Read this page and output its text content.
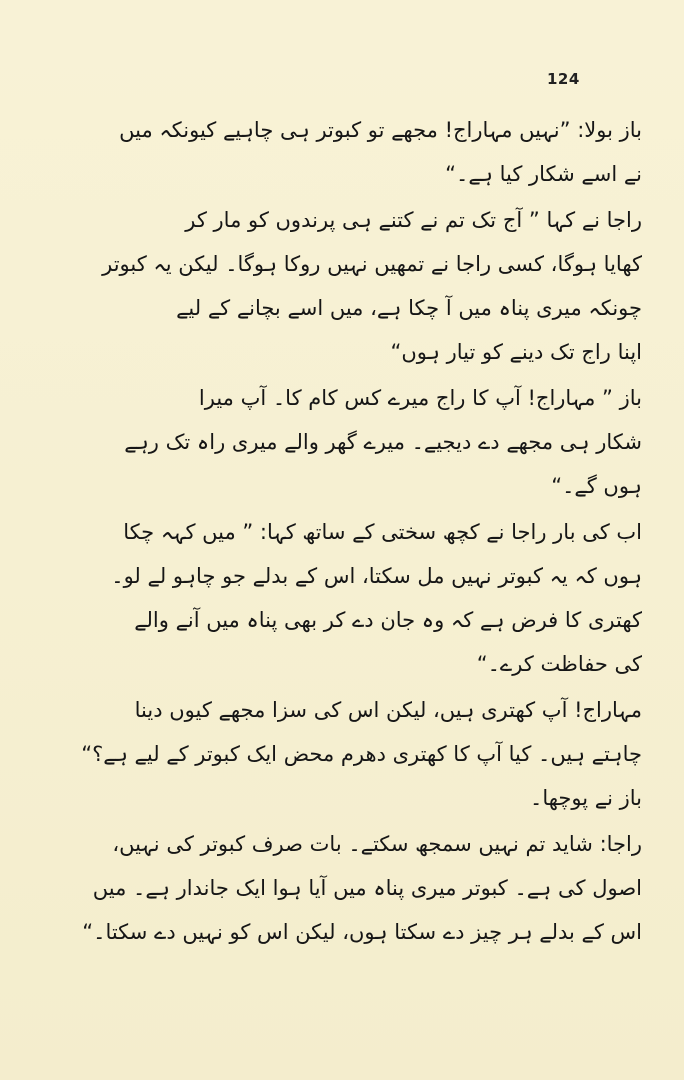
124
باز بولا: ”نہیں مہاراج! مجھے تو کبوتر ہی چاہیے کیونکہ میں
نے اسے شکار کیا ہے۔“
راجا نے کہا ” آج تک تم نے کتنے ہی پرندوں کو مار کر
کھایا ہوگا، کسی راجا نے تمھیں نہیں روکا ہوگا۔ لیکن یہ کبوتر
چونکہ میری پناہ میں آ چکا ہے، میں اسے بچانے کے لیے
اپنا راج تک دینے کو تیار ہوں“
باز ” مہاراج! آپ کا راج میرے کس کام کا۔ آپ میرا
شکار ہی مجھے دے دیجیے۔ میرے گھر والے میری راہ تک رہے
ہوں گے۔“
اب کی بار راجا نے کچھ سختی کے ساتھ کہا: ” میں کہہ چکا
ہوں کہ یہ کبوتر نہیں مل سکتا، اس کے بدلے جو چاہو لے لو۔
کھتری کا فرض ہے کہ وہ جان دے کر بھی پناہ میں آنے والے
کی حفاظت کرے۔“
مہاراج! آپ کھتری ہیں، لیکن اس کی سزا مجھے کیوں دینا
چاہتے ہیں۔ کیا آپ کا کھتری دھرم محض ایک کبوتر کے لیے ہے؟“
باز نے پوچھا۔
راجا: شاید تم نہیں سمجھ سکتے۔ بات صرف کبوتر کی نہیں،
اصول کی ہے۔ کبوتر میری پناہ میں آیا ہوا ایک جاندار ہے۔ میں
اس کے بدلے ہر چیز دے سکتا ہوں، لیکن اس کو نہیں دے سکتا۔“
